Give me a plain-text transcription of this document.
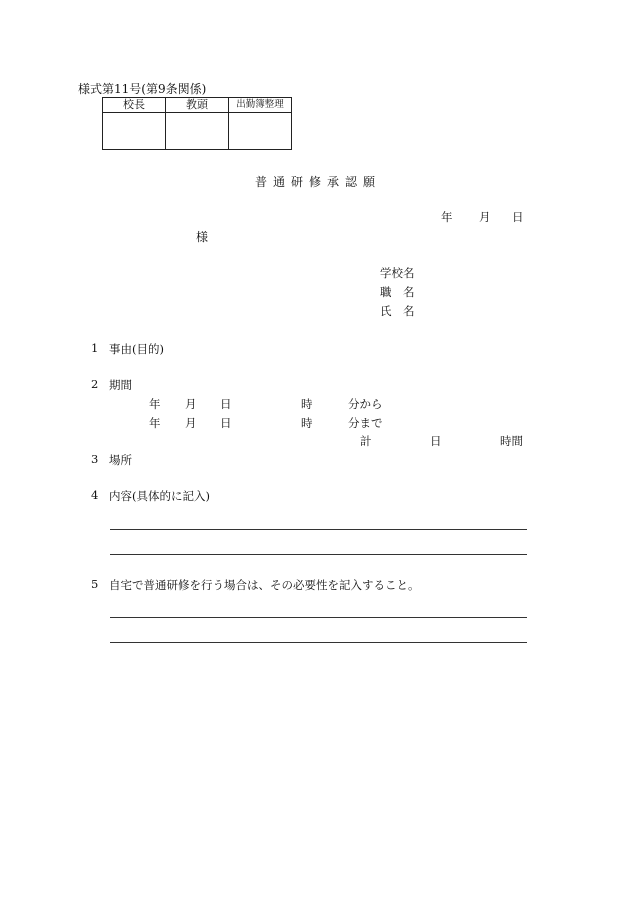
様式第11号(第9条関係)
校長	教頭	出勤簿整理

普通研修承認願
年 月 日
様
学校名
職　名
氏　名
1 事由(目的)
2 期間
年 月 日	時	分から
年 月 日	時	分まで
計	日	時間
3 場所
4 内容(具体的に記入)
5 自宅で普通研修を行う場合は、その必要性を記入すること。
